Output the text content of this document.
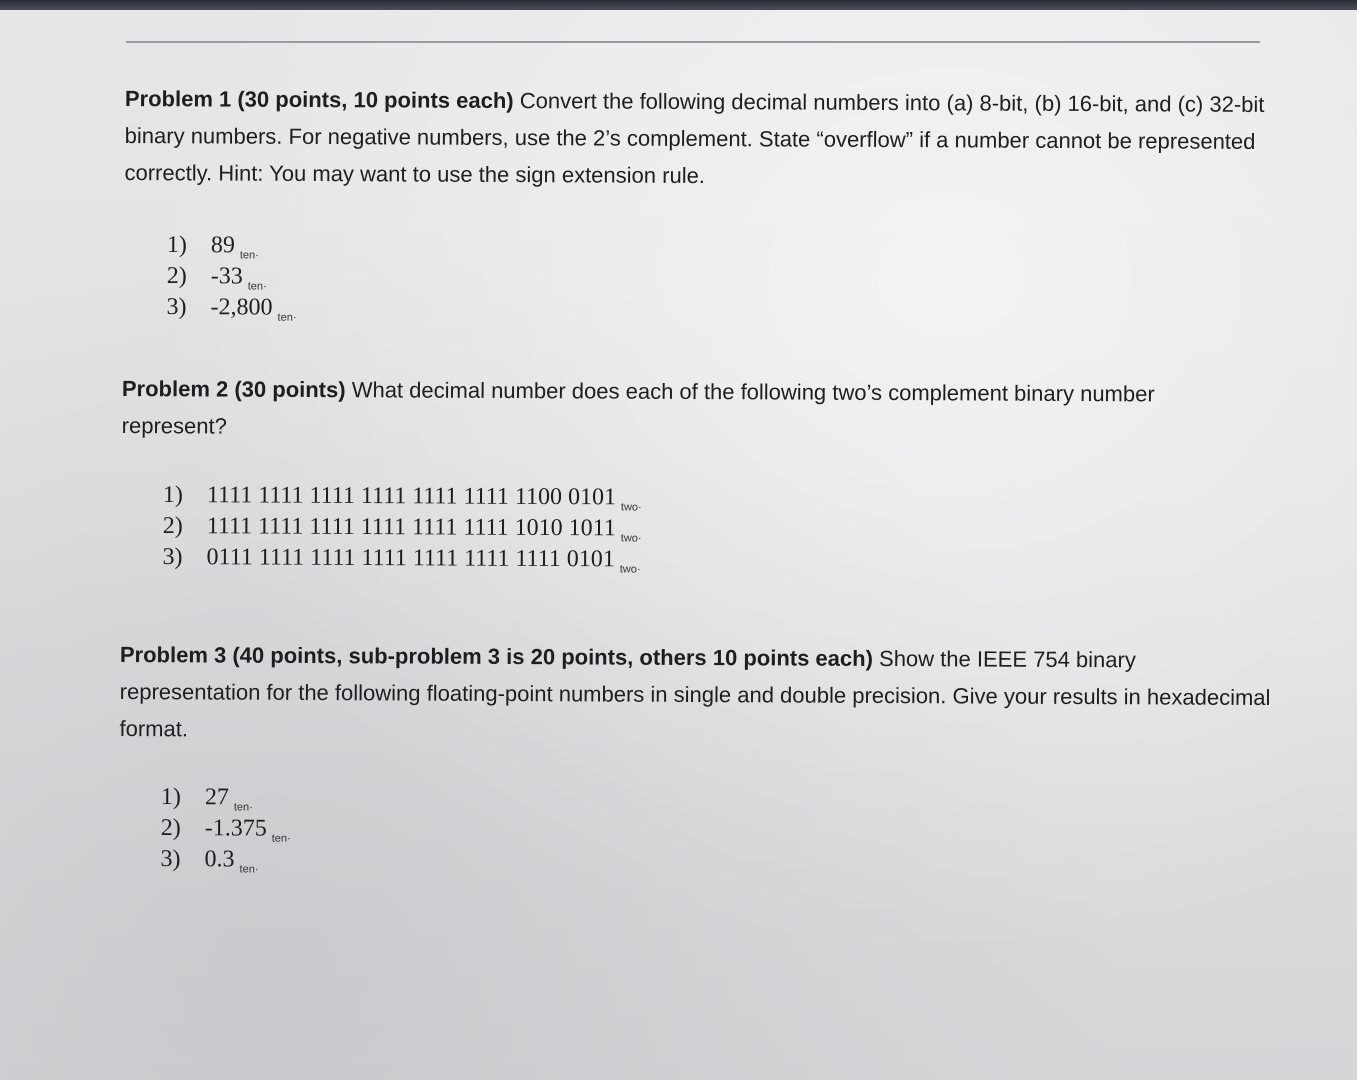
Problem 1 (30 points, 10 points each) Convert the following decimal numbers into (a) 8-bit, (b) 16-bit, and (c) 32-bit binary numbers. For negative numbers, use the 2’s complement. State “overflow” if a number cannot be represented correctly. Hint: You may want to use the sign extension rule.

1) 89 $_{ten\cdot}$
2) -33 $_{ten\cdot}$
3) -2,800 $_{ten\cdot}$

Problem 2 (30 points) What decimal number does each of the following two’s complement binary number represent?

1) 1111 1111 1111 1111 1111 1111 1100 0101 $_{two\cdot}$
2) 1111 1111 1111 1111 1111 1111 1010 1011 $_{two\cdot}$
3) 0111 1111 1111 1111 1111 1111 1111 0101 $_{two\cdot}$

Problem 3 (40 points, sub-problem 3 is 20 points, others 10 points each) Show the IEEE 754 binary representation for the following floating-point numbers in single and double precision. Give your results in hexadecimal format.

1) 27 $_{ten\cdot}$
2) -1.375 $_{ten\cdot}$
3) 0.3 $_{ten\cdot}$
